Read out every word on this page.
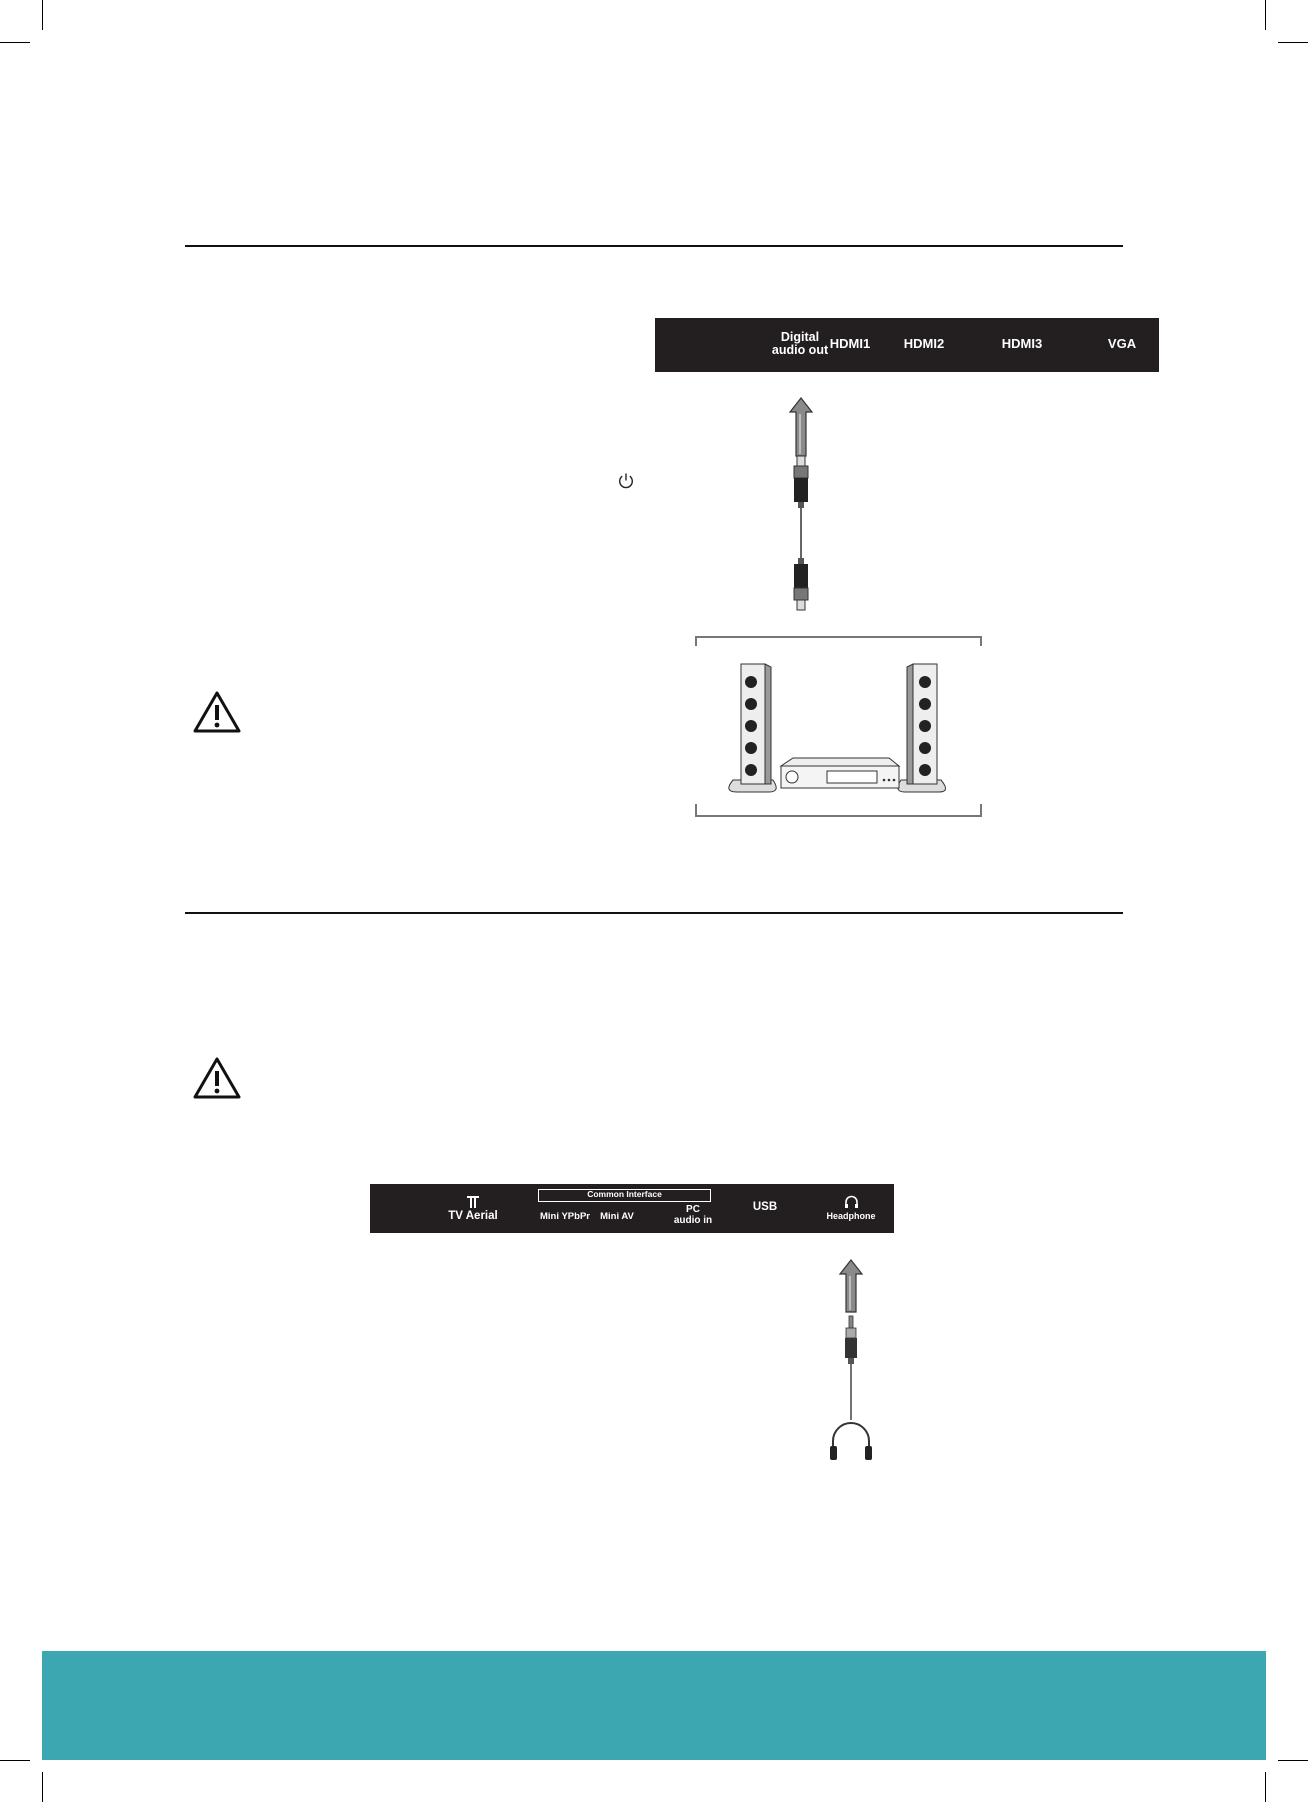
Digital
audio out HDMI1	HDMI2	HDMI3	VGA
TV Aerial
Common Interface
Mini YPbPr	Mini AV
PC
audio in
USB
Headphone
